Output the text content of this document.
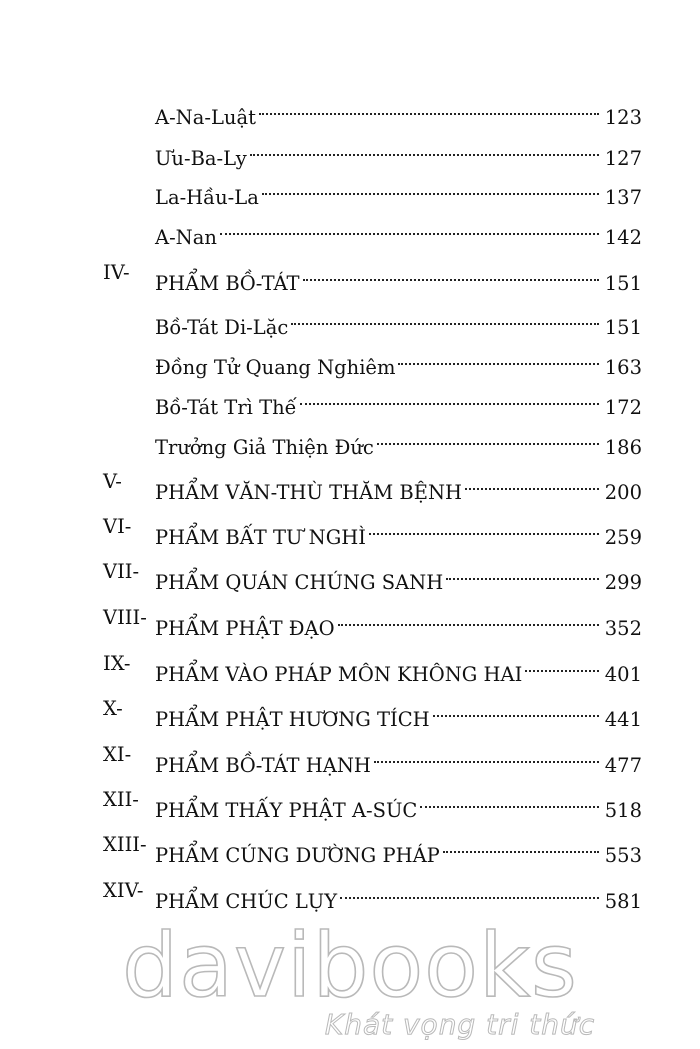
A-Na-Luật	123
Ưu-Ba-Ly	127
La-Hầu-La	137
A-Nan	142
IV- PHẨM BỒ-TÁT	151
Bồ-Tát Di-Lặc	151
Đồng Tử Quang Nghiêm	163
Bồ-Tát Trì Thế	172
Trưởng Giả Thiện Đức	186
V- PHẨM VĂN-THÙ THĂM BỆNH	200
VI- PHẨM BẤT TƯ NGHÌ	259
VII- PHẨM QUÁN CHÚNG SANH	299
VIII- PHẨM PHẬT ĐẠO	352
IX- PHẨM VÀO PHÁP MÔN KHÔNG HAI	401
X- PHẨM PHẬT HƯƠNG TÍCH	441
XI- PHẨM BỒ-TÁT HẠNH	477
XII- PHẨM THẤY PHẬT A-SÚC	518
XIII- PHẨM CÚNG DƯỜNG PHÁP	553
XIV- PHẨM CHÚC LỤY	581
davibooks
Khát vọng tri thức
